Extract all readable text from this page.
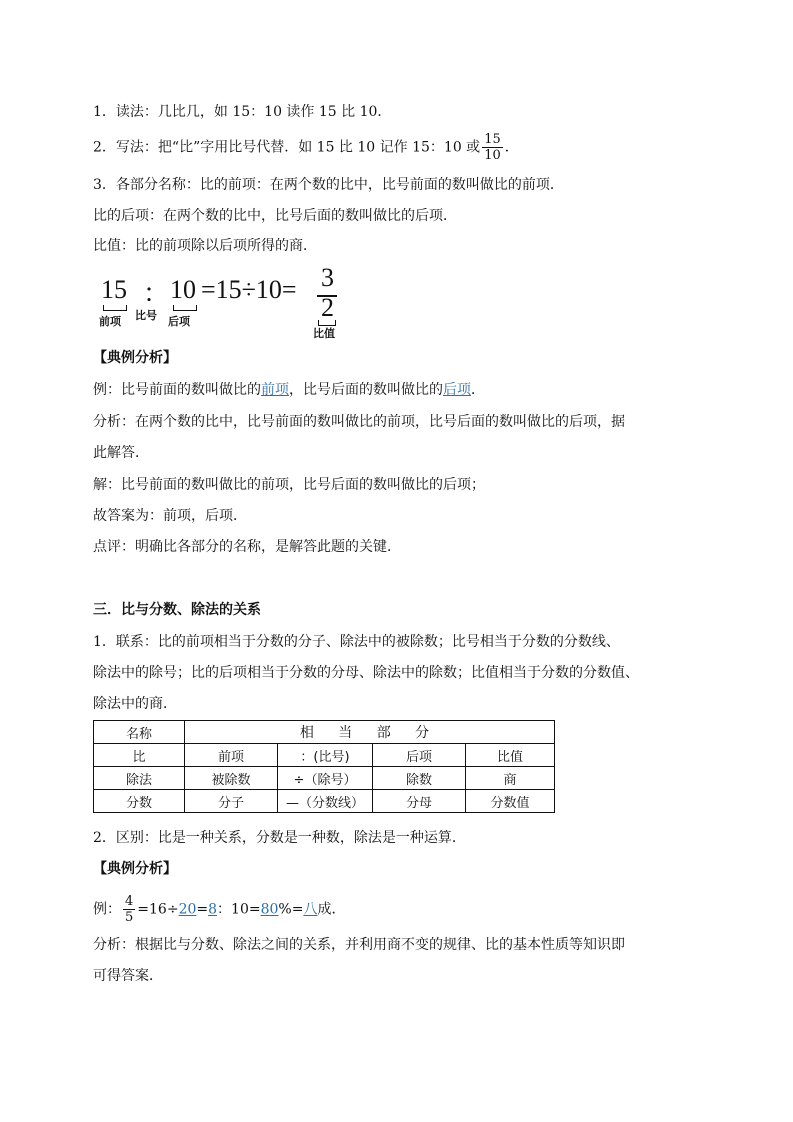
1．读法：几比几，如 15：10 读作 15 比 10．
2．写法：把“比”字用比号代替．如 15 比 10 记作 15：10 或 $\frac{15}{10}$ ．
3．各部分名称：比的前项：在两个数的比中，比号前面的数叫做比的前项．
比的后项：在两个数的比中，比号后面的数叫做比的后项．
比值：比的前项除以后项所得的商．
15 ： 10 =15÷10= 3
2
前项 比号 后项
比值
【典例分析】
例：比号前面的数叫做比的前项，比号后面的数叫做比的后项．
分析：在两个数的比中，比号前面的数叫做比的前项，比号后面的数叫做比的后项，据
此解答．
解：比号前面的数叫做比的前项，比号后面的数叫做比的后项；
故答案为：前项，后项．
点评：明确比各部分的名称，是解答此题的关键．
三．比与分数、除法的关系
1．联系：比的前项相当于分数的分子、除法中的被除数；比号相当于分数的分数线、
除法中的除号；比的后项相当于分数的分母、除法中的除数；比值相当于分数的分数值、
除法中的商．
名称	相 当 部 分			
比	前项	：(比号)	后项	比值
除法	被除数	÷（除号）	除数	商
分数	分子	—（分数线）	分母	分数值
2．区别：比是一种关系，分数是一种数，除法是一种运算．
【典例分析】
例： $\frac{4}{5} =16\div 20=8$：10=80%=八成．
分析：根据比与分数、除法之间的关系，并利用商不变的规律、比的基本性质等知识即
可得答案．
